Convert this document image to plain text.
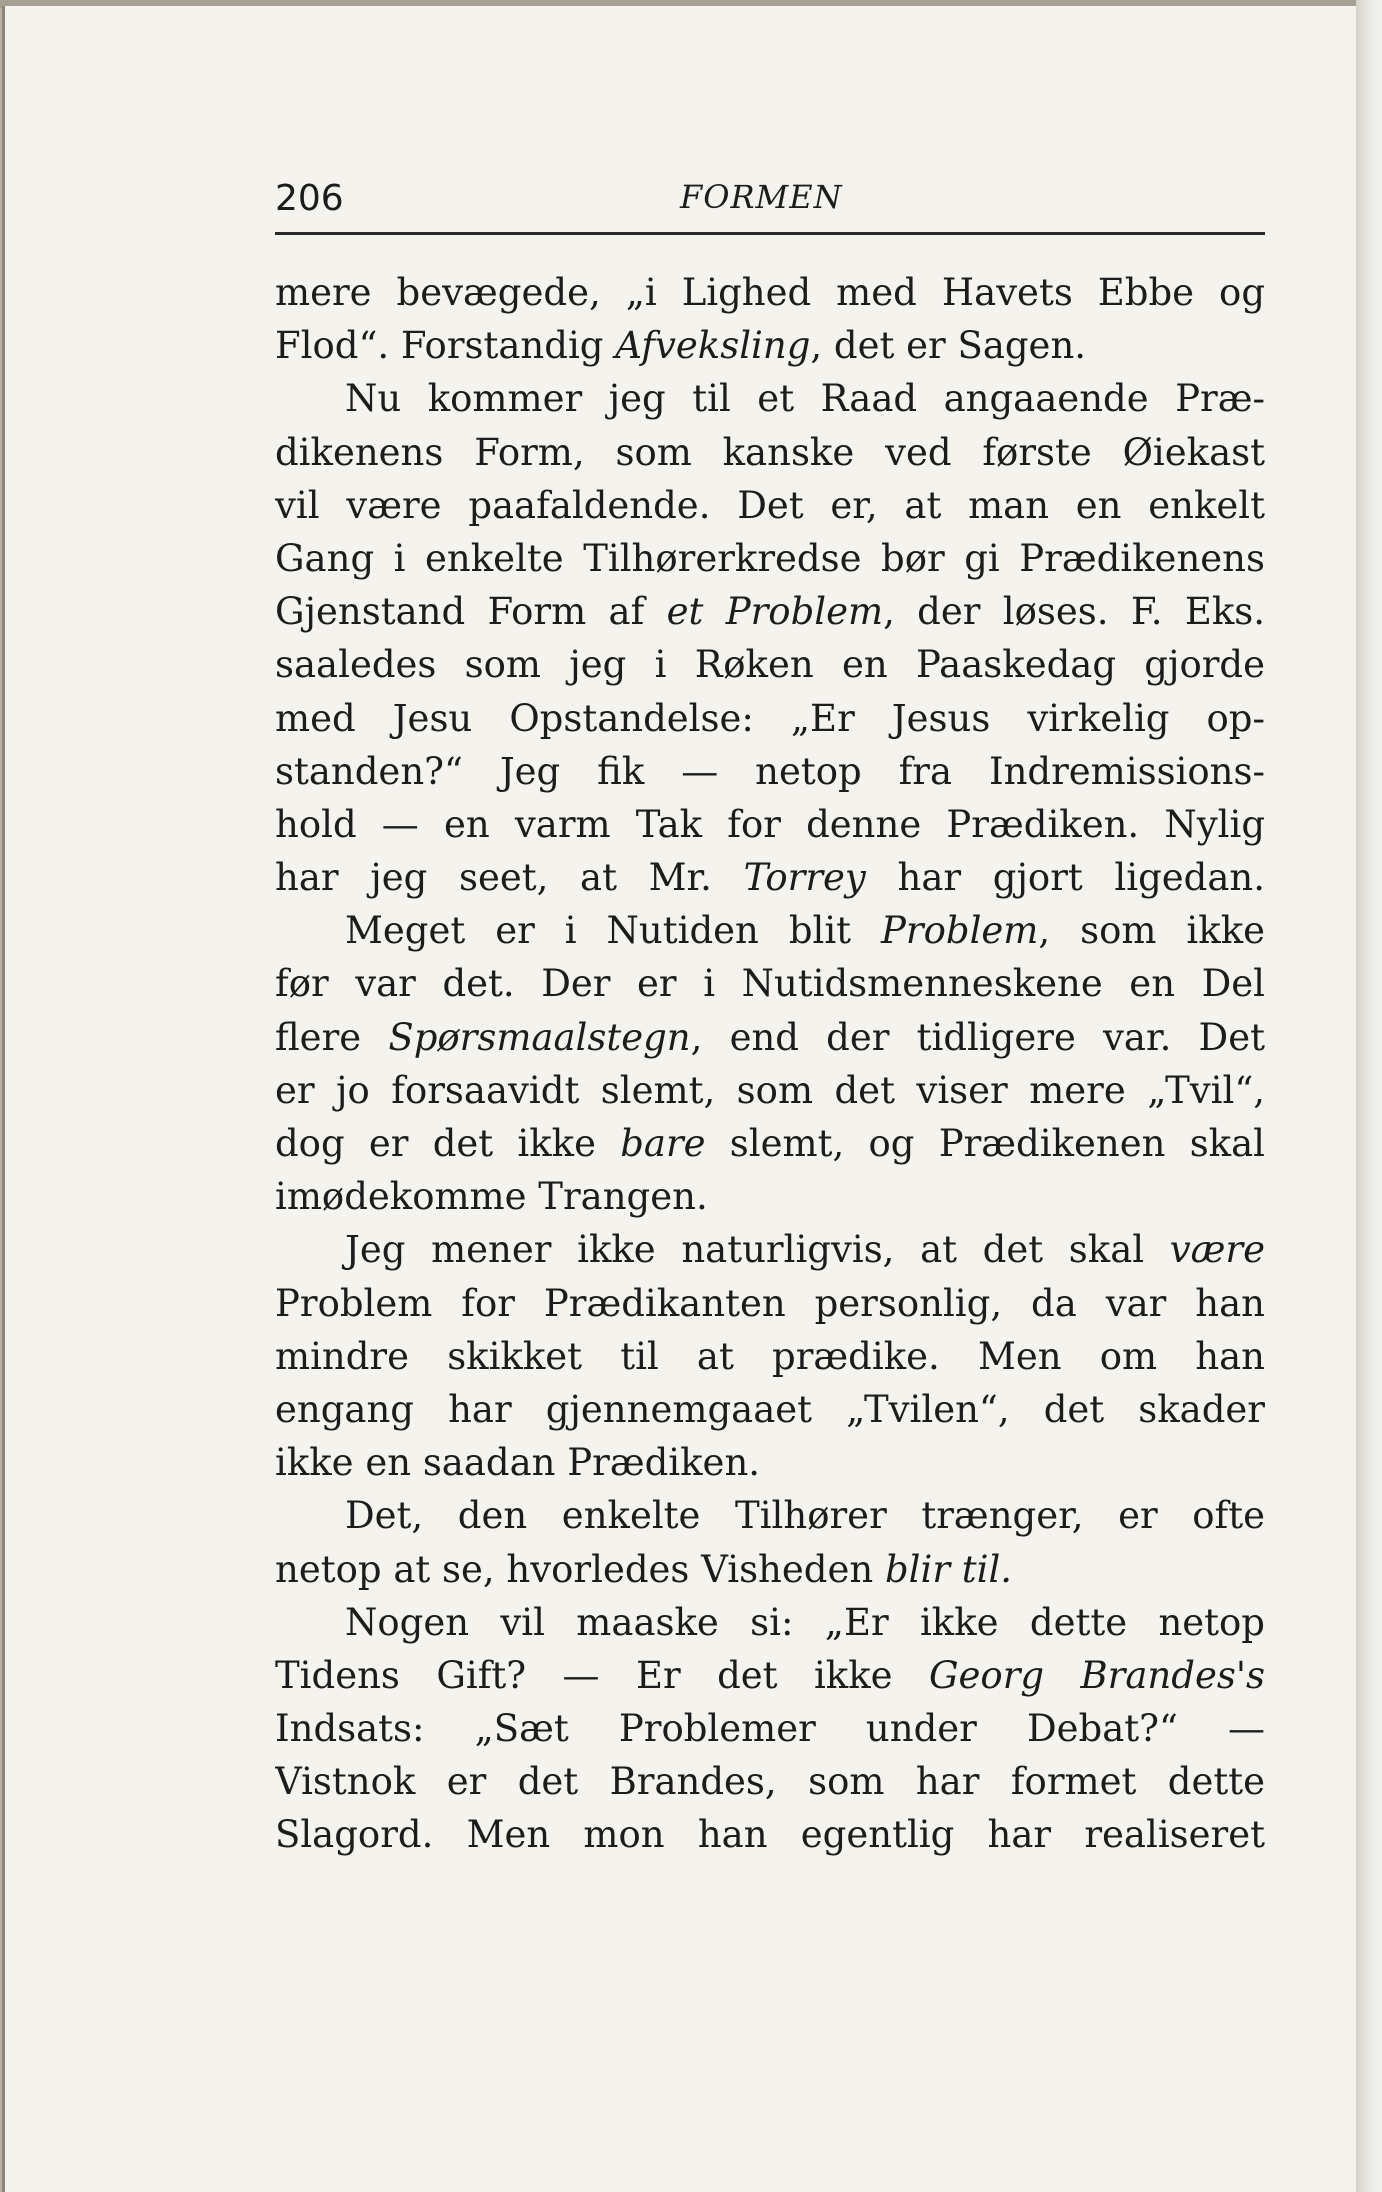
206	FORMEN
mere bevægede, „i Lighed med Havets Ebbe og
Flod“. Forstandig Afveksling, det er Sagen.
Nu kommer jeg til et Raad angaaende Præ-
dikenens Form, som kanske ved første Øiekast
vil være paafaldende. Det er, at man en enkelt
Gang i enkelte Tilhørerkredse bør gi Prædikenens
Gjenstand Form af et Problem, der løses. F. Eks.
saaledes som jeg i Røken en Paaskedag gjorde
med Jesu Opstandelse: „Er Jesus virkelig op-
standen?“ Jeg fik — netop fra Indremissions-
hold — en varm Tak for denne Prædiken. Nylig
har jeg seet, at Mr. Torrey har gjort ligedan.
Meget er i Nutiden blit Problem, som ikke
før var det. Der er i Nutidsmenneskene en Del
flere Spørsmaalstegn, end der tidligere var. Det
er jo forsaavidt slemt, som det viser mere „Tvil“,
dog er det ikke bare slemt, og Prædikenen skal
imødekomme Trangen.
Jeg mener ikke naturligvis, at det skal være
Problem for Prædikanten personlig, da var han
mindre skikket til at prædike. Men om han
engang har gjennemgaaet „Tvilen“, det skader
ikke en saadan Prædiken.
Det, den enkelte Tilhører trænger, er ofte
netop at se, hvorledes Visheden blir til.
Nogen vil maaske si: „Er ikke dette netop
Tidens Gift? — Er det ikke Georg Brandes's
Indsats: „Sæt Problemer under Debat?“ —
Vistnok er det Brandes, som har formet dette
Slagord. Men mon han egentlig har realiseret
